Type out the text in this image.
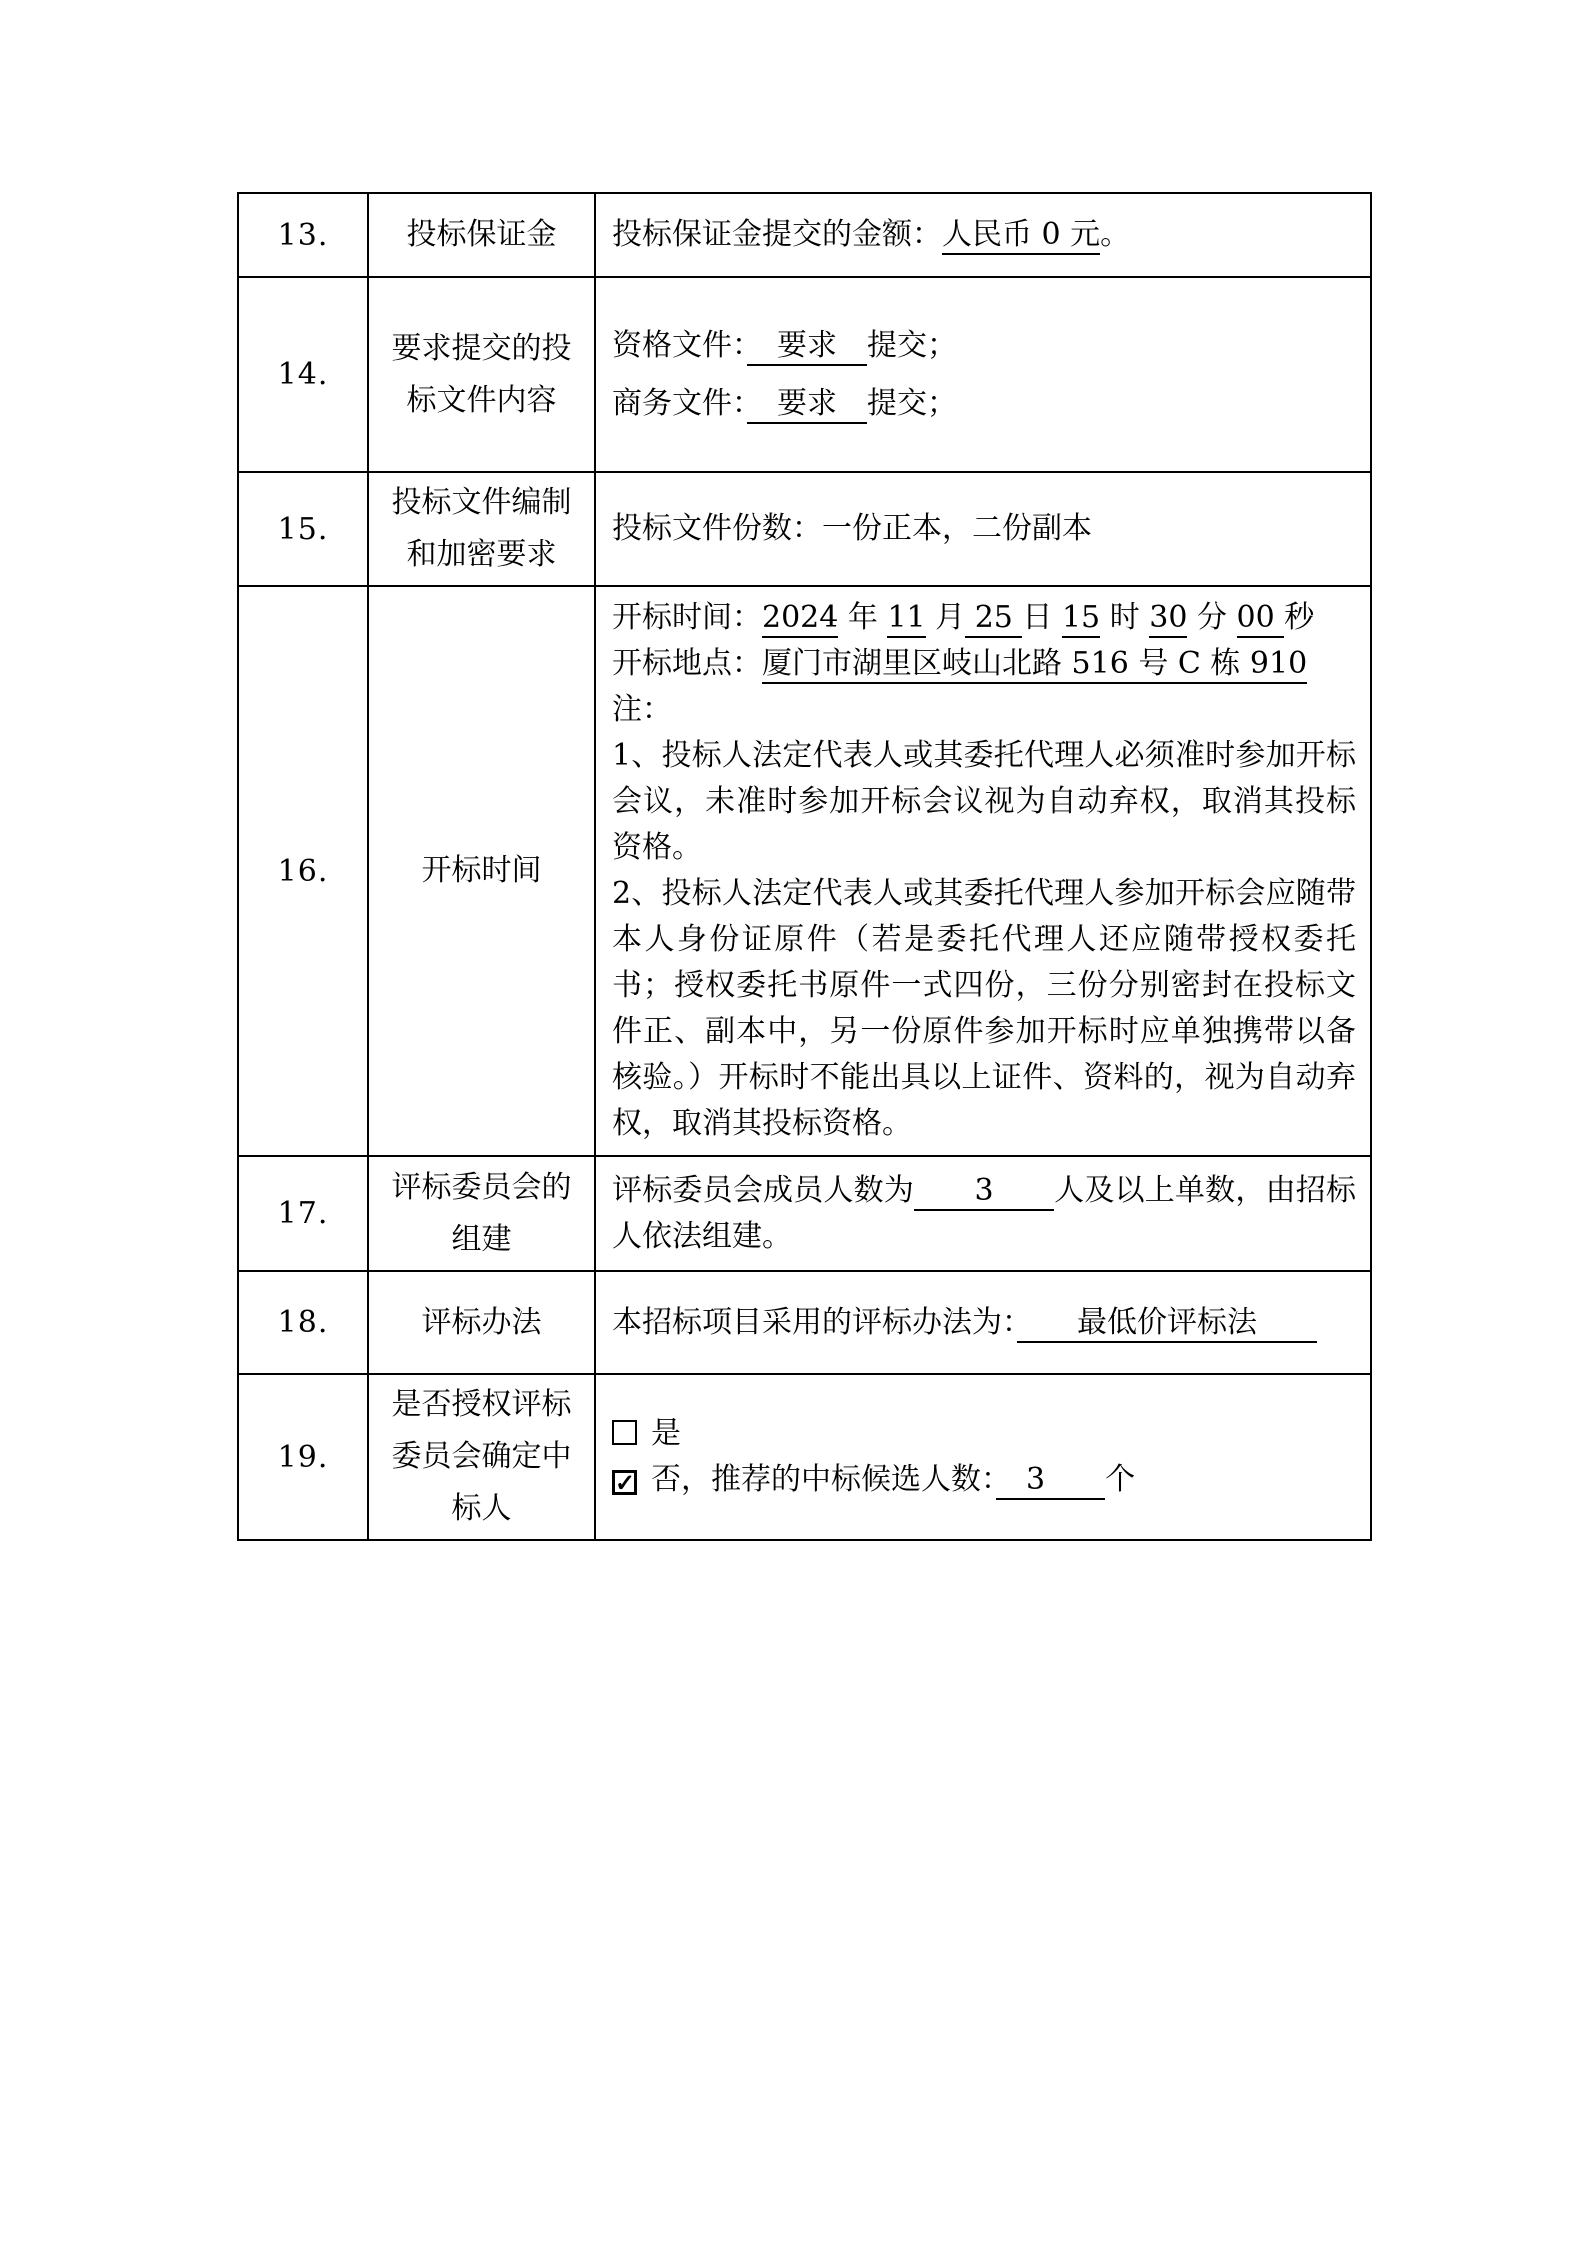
13.	投标保证金	投标保证金提交的金额：人民币 0 元。

14.	要求提交的投标文件内容	资格文件：　要求　提交；

商务文件：　要求　提交；

15.	投标文件编制和加密要求	投标文件份数：一份正本，二份副本

16.	开标时间	开标时间：2024 年 11 月 25 日 15 时 30 分 00 秒

开标地点：厦门市湖里区岐山北路 516 号 C 栋 910

注：

1、投标人法定代表人或其委托代理人必须准时参加开标会议，未准时参加开标会议视为自动弃权，取消其投标资格。

2、投标人法定代表人或其委托代理人参加开标会应随带本人身份证原件（若是委托代理人还应随带授权委托书；授权委托书原件一式四份，三份分别密封在投标文件正、副本中，另一份原件参加开标时应单独携带以备核验。）开标时不能出具以上证件、资料的，视为自动弃权，取消其投标资格。

17.	评标委员会的组建	评标委员会成员人数为　　3　　人及以上单数，由招标人依法组建。

18.	评标办法	本招标项目采用的评标办法为：　　最低价评标法　　

19.	是否授权评标委员会确定中标人	是

✓ 否，推荐的中标候选人数：　3　　个
